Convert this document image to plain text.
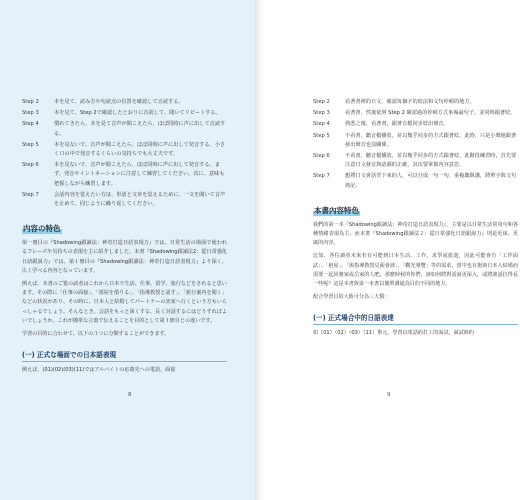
Step 2	本を見て、読み方や句読点の位置を確認して音読する。
Step 3	本を見て、Step 2で確認したとおりに音読して、聞いてリピートする。
Step 4	慣れてきたら、本を見て音声が聞こえたら、ほぼ同時に声に出して音読する。
Step 5	本を見ないで、音声が聞こえたら、ほぼ同時に声に出して発音する。小さく口の中で発音するくらいの気持ちでも大丈夫です。
Step 6	本を見ないで、音声が聞こえたら、ほぼ同時に声に出して発音する。まず、発音やイントネーションに注意して練習してください。次に、意味も把握しながら練習します。
Step 7	会話内容を覚えたい方は、単語と文章を覚えるために、一文を聞いて音声を止めて、同じように繰り返してください。
内容の特色
第一冊目の『Shadowing跟讀法：神奇打造日語表現力』では、日常生活の場面で使われるフレーズや気持ちの表現を主に紹介しました。本書『Shadowing跟讀法2：從日常強化日語跟說力』では、第１冊目の『Shadowing跟讀法：神奇打造日語表現力』より深く、広く学べる内容となっています。
例えば、本書のご覧の読者はこれから日本で生活、仕事、留学、旅行などをされると思います。その際に「仕事の面接」、「部屋を借りる」、「指導教授と話す」、「旅行案内を聞く」などの状況があり、その時に、日本人と結婚してパートナーの実家へ行くという方もいらっしゃるでしょう。そんなとき、会話をもっと深くする、長く対話するにはどうすればよいでしょうか。これが簡単な言葉で伝えることを目的として第１冊目との違いです。
学習の目的に合わせて、以下の３つに分類することができます。
(一) 正式な場面での日本語表現
例えば、(01)(02)(03)(11)ではアルバイトの応募先への電話、面接
8
Step 2	看著書裡的日文，確認每個字的唸法和文句停頓的地方。
Step 3	看著書，然後依照 Step 2 確認過的停頓方式來複誦句子，並同時跟著唸。
Step 4	熟悉之後，看著書，跟著音檔同步唸出聲音。
Step 5	不看書，聽音檔播放，並以幾乎同步的方式跟著唸，此時，只是小聲地跟著發出聲音也沒關係。
Step 6	不看書，聽音檔播放，並以幾乎同步的方式跟著唸，此階段練習時，首先要注意日文發音與語調的正確，其次要掌握內容意思。
Step 7	想將日文會話背下來的人，可以分成一句一句，重複聽與講，將單字與文句熟記。
本書內容特色
我們的第一本『Shadowing跟讀法：神奇打造日語表現力』，主要是以日常生活常用句和各種情緒表現為主。而本書『Shadowing跟讀法２：從日常強化日語跟說力』則是更深、更廣的內容。
比如，各位讀者未來若有可能到日本生活、工作、求學或旅遊，因此可能會有「工作面試」、「租屋」、「與指導教授見面會談」、「觀光導覽」等的需求，當中也有抱與日本人結婚而需要一起回婆家或岳家的人吧，那麼時候的你們，該如何將對話說更深入，或將談話拉得長一些呢？這是本書與第一本書以簡單溝通為目的不同的地方。
配合學習目的大致可分為三大類：
(一) 正式場合中的日語表達
如（01）（02）（03）（11）單元，學習以電話約打工的面試，面試時的
9
